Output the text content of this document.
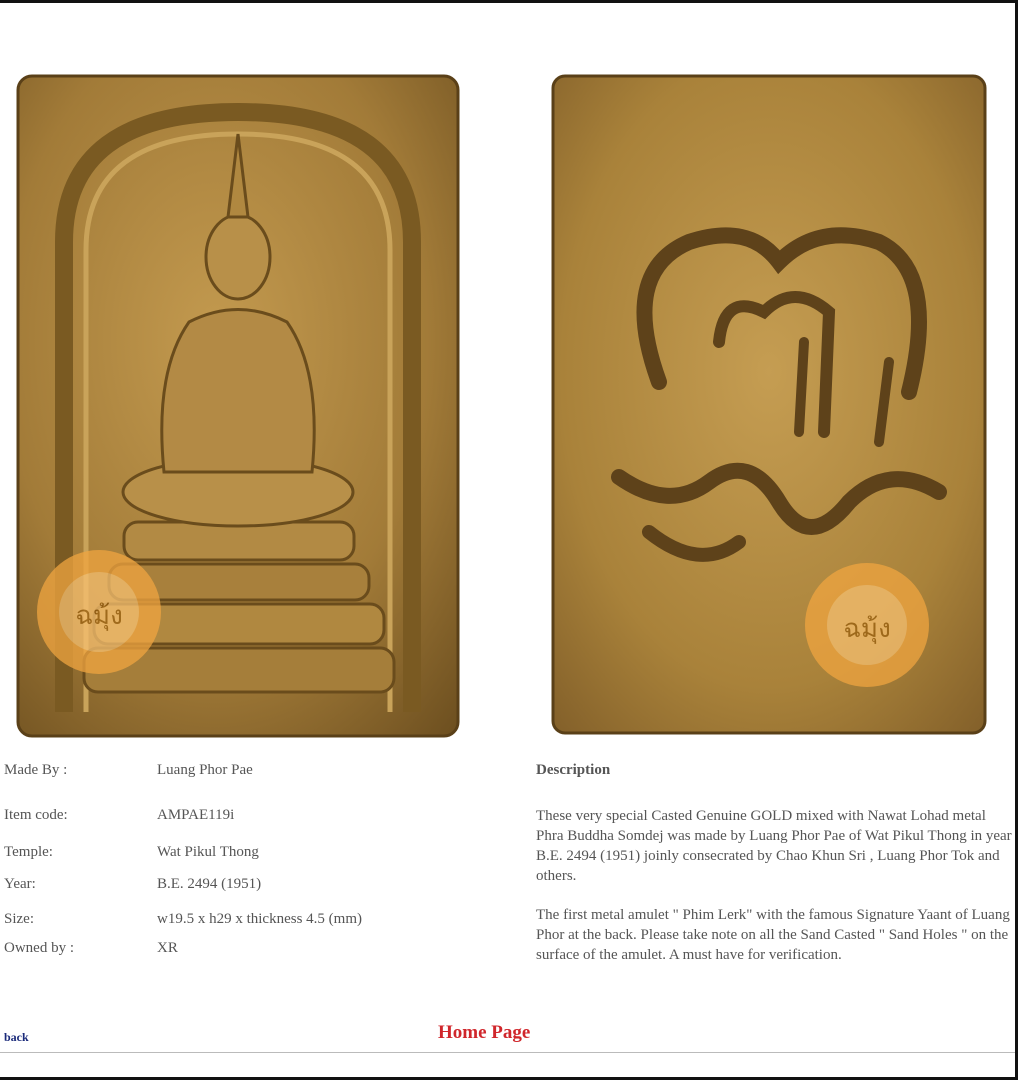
ฉมุ้ง	ฉมุ้ง
Made By :	Luang Phor Pae
Item code:	AMPAE119i
Temple:	Wat Pikul Thong
Year:	B.E. 2494 (1951)
Size:	w19.5 x h29 x thickness 4.5 (mm)
Owned by :	XR
Description

These very special Casted Genuine GOLD mixed with Nawat Lohad metal Phra Buddha Somdej was made by Luang Phor Pae of Wat Pikul Thong in year B.E. 2494 (1951) joinly consecrated by Chao Khun Sri , Luang Phor Tok and others.

The first metal amulet " Phim Lerk" with the famous Signature Yaant of Luang Phor at the back. Please take note on all the Sand Casted " Sand Holes " on the surface of the amulet. A must have for verification.

back	Home Page
